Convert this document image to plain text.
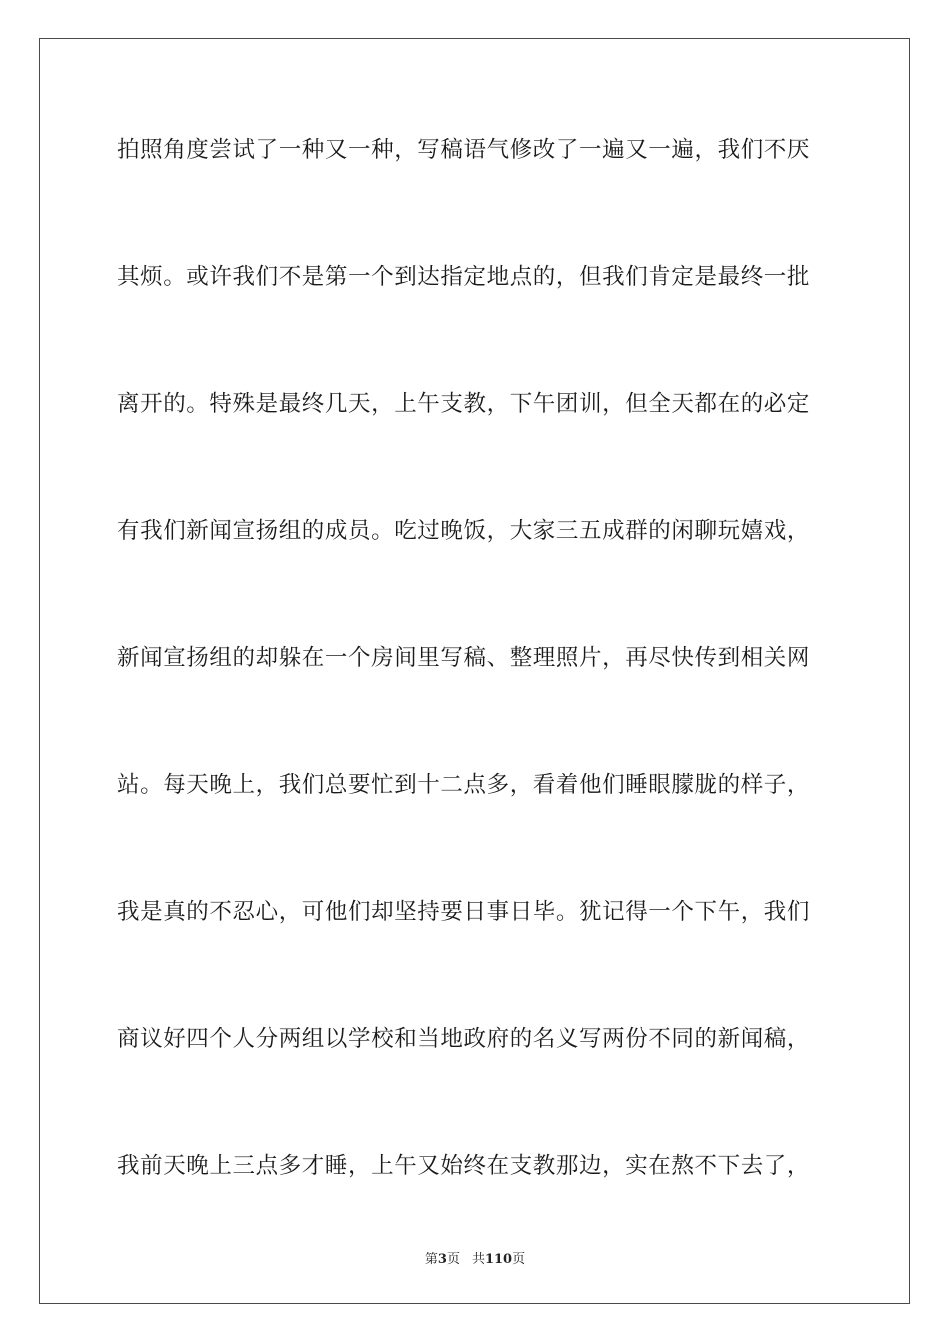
拍照角度尝试了一种又一种，写稿语气修改了一遍又一遍，我们不厌
其烦。或许我们不是第一个到达指定地点的，但我们肯定是最终一批
离开的。特殊是最终几天，上午支教，下午团训，但全天都在的必定
有我们新闻宣扬组的成员。吃过晚饭，大家三五成群的闲聊玩嬉戏，
新闻宣扬组的却躲在一个房间里写稿、整理照片，再尽快传到相关网
站。每天晚上，我们总要忙到十二点多，看着他们睡眼朦胧的样子，
我是真的不忍心，可他们却坚持要日事日毕。犹记得一个下午，我们
商议好四个人分两组以学校和当地政府的名义写两份不同的新闻稿，
我前天晚上三点多才睡，上午又始终在支教那边，实在熬不下去了，
第3页 共110页
